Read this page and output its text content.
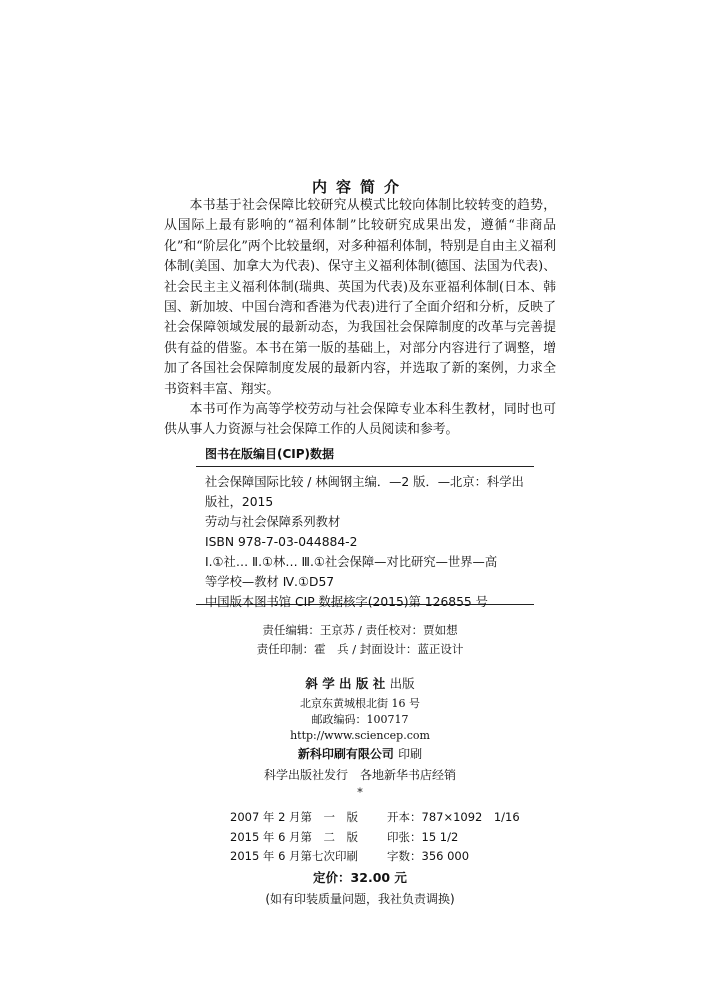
内容简介

本书基于社会保障比较研究从模式比较向体制比较转变的趋势，从国际上最有影响的“福利体制”比较研究成果出发，遵循“非商品化”和“阶层化”两个比较量纲，对多种福利体制，特别是自由主义福利体制(美国、加拿大为代表)、保守主义福利体制(德国、法国为代表)、社会民主主义福利体制(瑞典、英国为代表)及东亚福利体制(日本、韩国、新加坡、中国台湾和香港为代表)进行了全面介绍和分析，反映了社会保障领域发展的最新动态，为我国社会保障制度的改革与完善提供有益的借鉴。本书在第一版的基础上，对部分内容进行了调整，增加了各国社会保障制度发展的最新内容，并选取了新的案例，力求全书资料丰富、翔实。

本书可作为高等学校劳动与社会保障专业本科生教材，同时也可供从事人力资源与社会保障工作的人员阅读和参考。

图书在版编目(CIP)数据
社会保障国际比较 / 林闽钢主编．—2 版．—北京：科学出
版社，2015
劳动与社会保障系列教材
ISBN 978-7-03-044884-2
Ⅰ.①社… Ⅱ.①林… Ⅲ.①社会保障—对比研究—世界—高
等学校—教材 Ⅳ.①D57
中国版本图书馆 CIP 数据核字(2015)第 126855 号
责任编辑：王京苏 / 责任校对：贾如想
责任印制：霍　兵 / 封面设计：蓝正设计
斜 学 出 版 社 出版
北京东黄城根北街 16 号
邮政编码：100717
http://www.sciencep.com
新科印刷有限公司 印刷
科学出版社发行　各地新华书店经销
*
2007 年 2 月第　一　版	开本：787×1092　1/16
2015 年 6 月第　二　版	印张：15 1/2
2015 年 6 月第七次印刷	字数：356 000
定价：32.00 元
(如有印装质量问题，我社负责调换)
